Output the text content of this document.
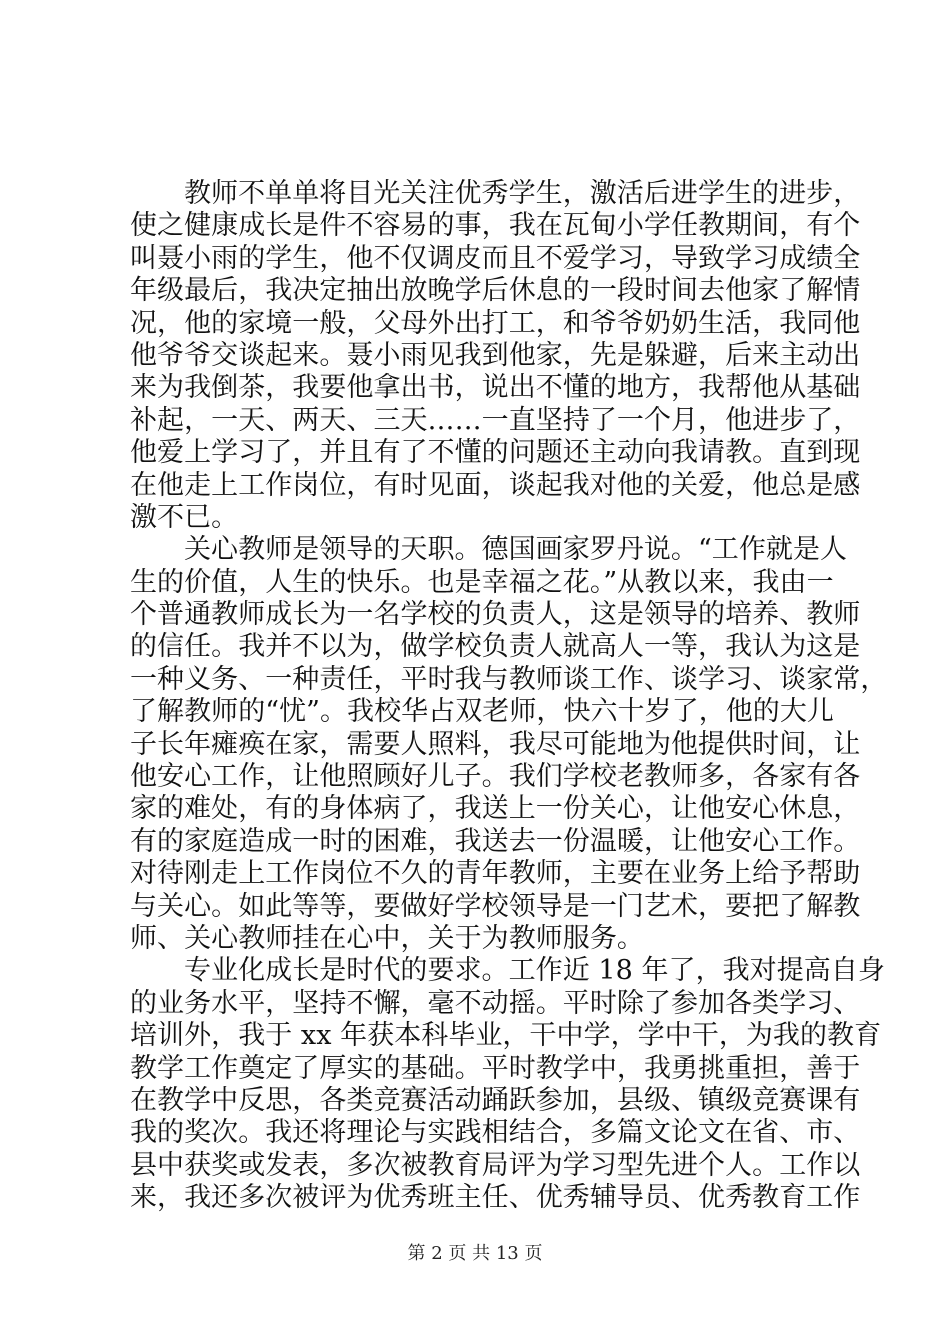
教师不单单将目光关注优秀学生，激活后进学生的进步，
使之健康成长是件不容易的事，我在瓦甸小学任教期间，有个
叫聂小雨的学生，他不仅调皮而且不爱学习，导致学习成绩全
年级最后，我决定抽出放晚学后休息的一段时间去他家了解情
况，他的家境一般，父母外出打工，和爷爷奶奶生活，我同他
他爷爷交谈起来。聂小雨见我到他家，先是躲避，后来主动出
来为我倒茶，我要他拿出书，说出不懂的地方，我帮他从基础
补起，一天、两天、三天……一直坚持了一个月，他进步了，
他爱上学习了，并且有了不懂的问题还主动向我请教。直到现
在他走上工作岗位，有时见面，谈起我对他的关爱，他总是感
激不已。
关心教师是领导的天职。德国画家罗丹说。“工作就是人
生的价值，人生的快乐。也是幸福之花。”从教以来，我由一
个普通教师成长为一名学校的负责人，这是领导的培养、教师
的信任。我并不以为，做学校负责人就高人一等，我认为这是
一种义务、一种责任，平时我与教师谈工作、谈学习、谈家常，
了解教师的“忧”。我校华占双老师，快六十岁了，他的大儿
子长年瘫痪在家，需要人照料，我尽可能地为他提供时间，让
他安心工作，让他照顾好儿子。我们学校老教师多，各家有各
家的难处，有的身体病了，我送上一份关心，让他安心休息，
有的家庭造成一时的困难，我送去一份温暖，让他安心工作。
对待刚走上工作岗位不久的青年教师，主要在业务上给予帮助
与关心。如此等等，要做好学校领导是一门艺术，要把了解教
师、关心教师挂在心中，关于为教师服务。
专业化成长是时代的要求。工作近 18 年了，我对提高自身
的业务水平，坚持不懈，毫不动摇。平时除了参加各类学习、
培训外，我于 xx 年获本科毕业，干中学，学中干，为我的教育
教学工作奠定了厚实的基础。平时教学中，我勇挑重担，善于
在教学中反思，各类竞赛活动踊跃参加，县级、镇级竞赛课有
我的奖次。我还将理论与实践相结合，多篇文论文在省、市、
县中获奖或发表，多次被教育局评为学习型先进个人。工作以
来，我还多次被评为优秀班主任、优秀辅导员、优秀教育工作
第 2 页 共 13 页
